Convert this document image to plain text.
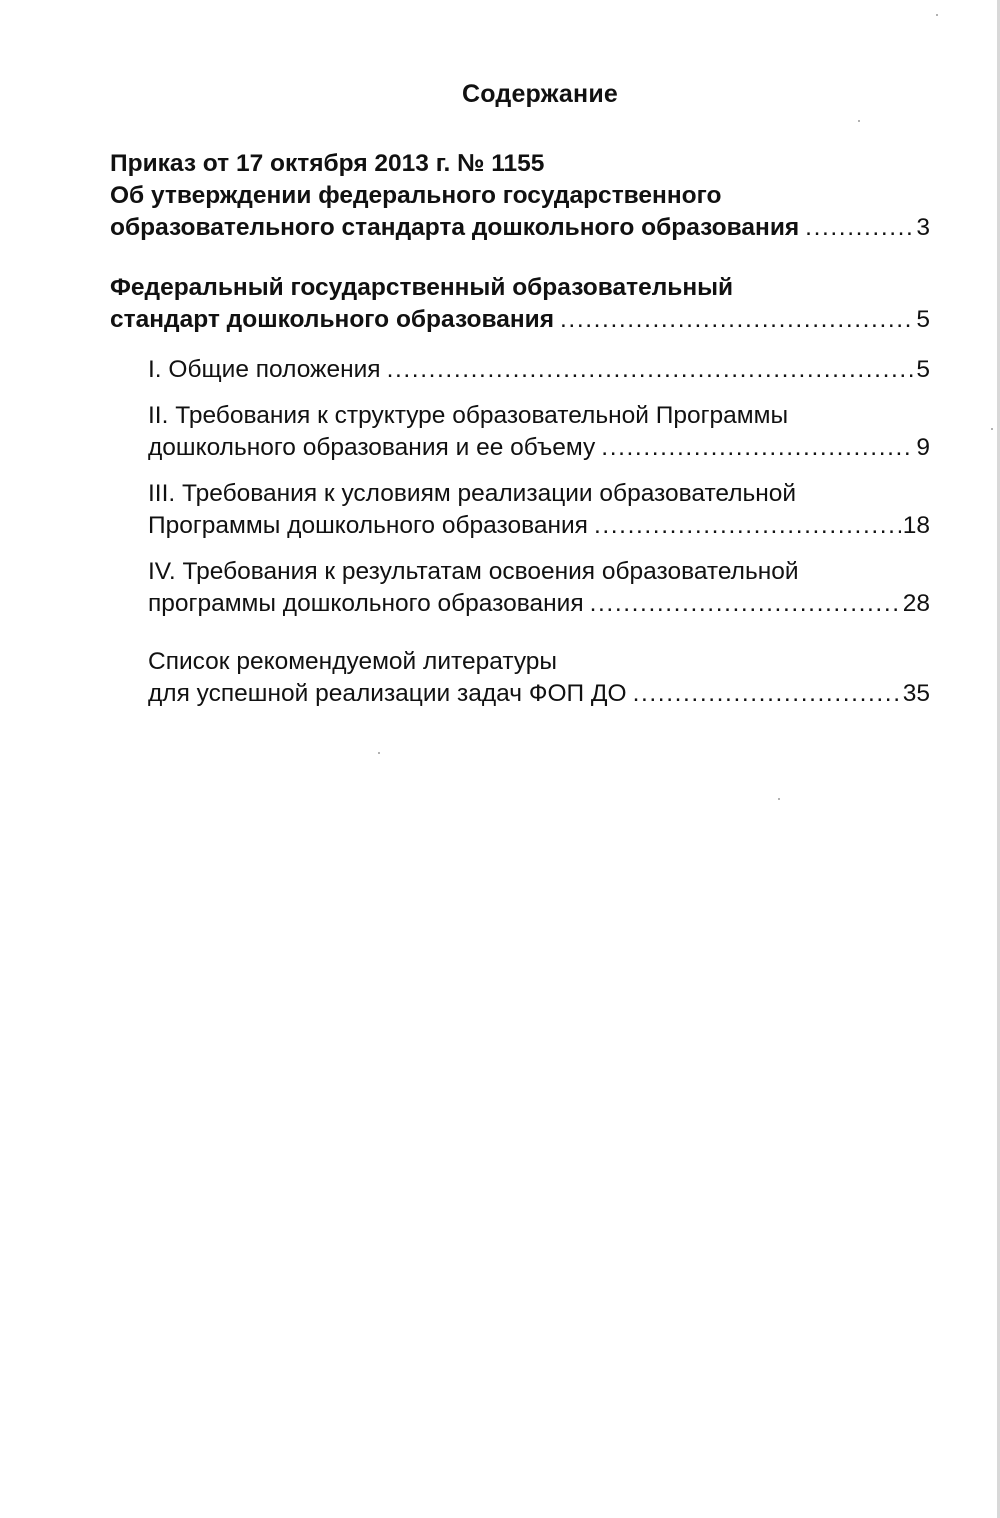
Содержание
Приказ от 17 октября 2013 г. № 1155
Об утверждении федерального государственного
образовательного стандарта дошкольного образования .....	3
Федеральный государственный образовательный
стандарт дошкольного образования .....	5
I. Общие положения .....	5
II. Требования к структуре образовательной Программы
дошкольного образования и ее объему .....	9
III. Требования к условиям реализации образовательной
Программы дошкольного образования .....	18
IV. Требования к результатам освоения образовательной
программы дошкольного образования .....	28
Список рекомендуемой литературы
для успешной реализации задач ФОП ДО .....	35
